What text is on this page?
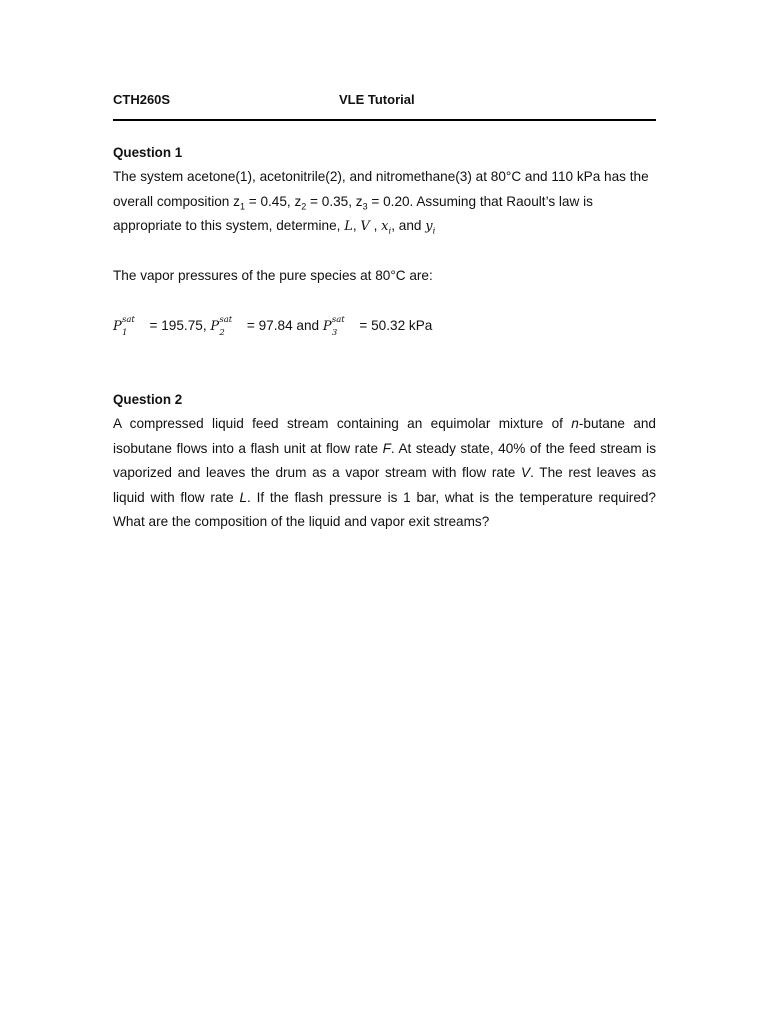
CTH260S	VLE Tutorial
Question 1
The system acetone(1), acetonitrile(2), and nitromethane(3) at 80°C and 110 kPa has the overall composition $z_1 = 0.45$, $z_2 = 0.35$, $z_3 = 0.20$. Assuming that Raoult’s law is appropriate to this system, determine, L, V , $x_i$, and $y_i$
The vapor pressures of the pure species at 80°C are:
P sat
1 = 195.75, P sat
2 = 97.84 and P sat
3 = 50.32 kPa
Question 2
A compressed liquid feed stream containing an equimolar mixture of n-butane and isobutane flows into a flash unit at flow rate F. At steady state, 40% of the feed stream is vaporized and leaves the drum as a vapor stream with flow rate V. The rest leaves as liquid with flow rate L. If the flash pressure is 1 bar, what is the temperature required? What are the composition of the liquid and vapor exit streams?
